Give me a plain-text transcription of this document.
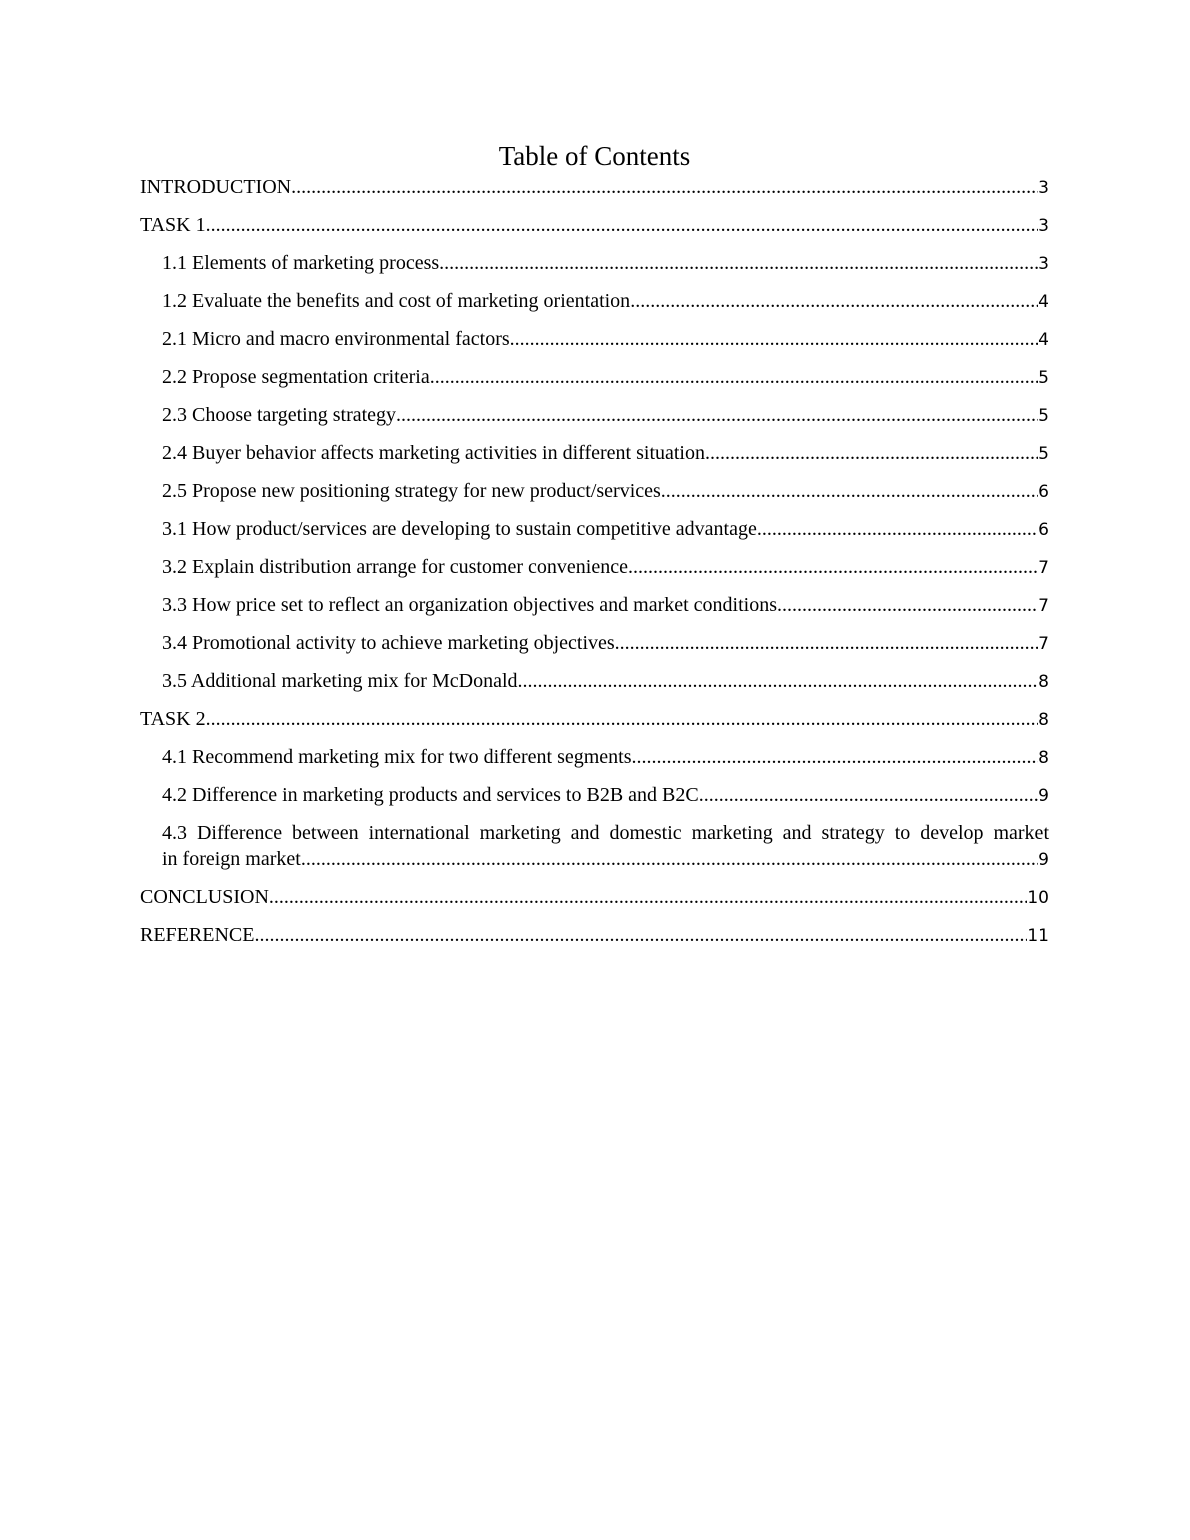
Table of Contents
INTRODUCTION .....	3
TASK 1 .....	3
1.1 Elements of marketing process .....	3
1.2 Evaluate the benefits and cost of marketing orientation .....	4
2.1 Micro and macro environmental factors .....	4
2.2 Propose segmentation criteria .....	5
2.3 Choose targeting strategy .....	5
2.4 Buyer behavior affects marketing activities in different situation .....	5
2.5 Propose new positioning strategy for new product/services .....	6
3.1 How product/services are developing to sustain competitive advantage .....	6
3.2 Explain distribution arrange for customer convenience .....	7
3.3 How price set to reflect an organization objectives and market conditions .....	7
3.4 Promotional activity to achieve marketing objectives .....	7
3.5 Additional marketing mix for McDonald .....	8
TASK 2 .....	8
4.1 Recommend marketing mix for two different segments .....	8
4.2 Difference in marketing products and services to B2B and B2C .....	9
4.3 Difference between international marketing and domestic marketing and strategy to develop market
in foreign market .....	9
CONCLUSION .....	10
REFERENCE .....	11
